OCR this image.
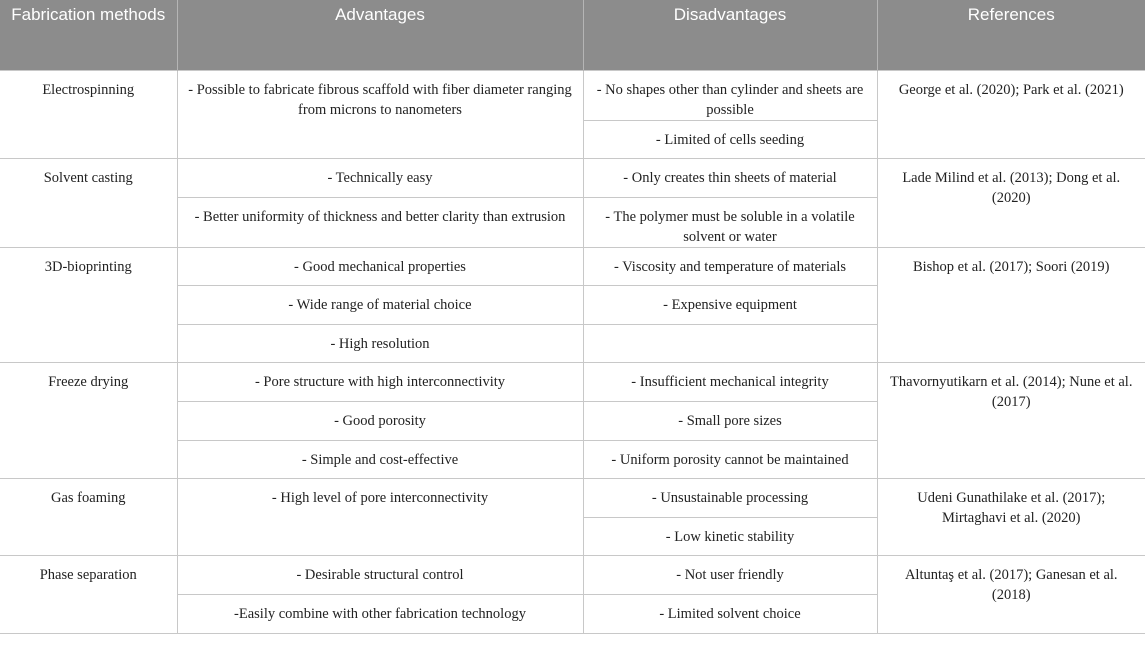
Fabrication methods	Advantages	Disadvantages	References
Electrospinning	- Possible to fabricate fibrous scaffold with fiber diameter ranging from microns to nanometers	- No shapes other than cylinder and sheets are possible	George et al. (2020); Park et al. (2021)
		- Limited of cells seeding	
Solvent casting	- Technically easy	- Only creates thin sheets of material	Lade Milind et al. (2013); Dong et al. (2020)
	- Better uniformity of thickness and better clarity than extrusion	- The polymer must be soluble in a volatile solvent or water	
3D-bioprinting	- Good mechanical properties	- Viscosity and temperature of materials	Bishop et al. (2017); Soori (2019)
	- Wide range of material choice	- Expensive equipment	
	- High resolution		
Freeze drying	- Pore structure with high interconnectivity	- Insufficient mechanical integrity	Thavornyutikarn et al. (2014); Nune et al. (2017)
	- Good porosity	- Small pore sizes	
	- Simple and cost-effective	- Uniform porosity cannot be maintained	
Gas foaming	- High level of pore interconnectivity	- Unsustainable processing	Udeni Gunathilake et al. (2017); Mirtaghavi et al. (2020)
		- Low kinetic stability	
Phase separation	- Desirable structural control	- Not user friendly	Altuntaş et al. (2017); Ganesan et al. (2018)
	-Easily combine with other fabrication technology	- Limited solvent choice	
